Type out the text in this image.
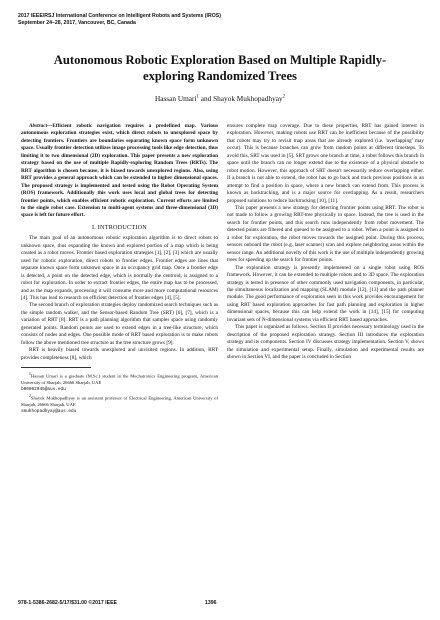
2017 IEEE/RSJ International Conference on Intelligent Robots and Systems (IROS)
September 24–28, 2017, Vancouver, BC, Canada
Autonomous Robotic Exploration Based on Multiple Rapidly-exploring Randomized Trees
Hassan Umari$^1$ and Shayok Mukhopadhyay$^2$

Abstract—Efficient robotic navigation requires a predefined map. Various autonomous exploration strategies exist, which direct robots to unexplored space by detecting frontiers. Frontiers are boundaries separating known space form unknown space. Usually frontier detection utilizes image processing tools like edge detection, thus limiting it to two dimensional (2D) exploration. This paper presents a new exploration strategy based on the use of multiple Rapidly-exploring Random Trees (RRTs). The RRT algorithm is chosen because, it is biased towards unexplored regions. Also, using RRT provides a general approach which can be extended to higher dimensional spaces. The proposed strategy is implemented and tested using the Robot Operating System (ROS) framework. Additionally this work uses local and global trees for detecting frontier points, which enables efficient robotic exploration. Current efforts are limited to the single robot case. Extension to multi-agent systems and three-dimensional (3D) space is left for future effort.

I. INTRODUCTION

The main goal of an autonomous robotic exploration algorithm is to direct robots to unknown space, thus expanding the known and explored portion of a map which is being created as a robot moves. Frontier based exploration strategies [1], [2], [3] which are usually used for robotic exploration, direct robots to frontier edges. Frontier edges are lines that separate known space form unknown space in an occupancy grid map. Once a frontier edge is detected, a point on the detected edge, which is normally the centroid, is assigned to a robot for exploration. In order to extract frontier edges, the entire map has to be processed, and as the map expands, processing it will consume more and more computational resources [4]. This has lead to research on efficient detection of frontier edges [4], [5].

The second branch of exploration strategies deploy randomized search techniques such as the simple random walker, and the Sensor-based Random Tree (SRT) [6], [7], which is a variation of RRT [8]. RRT is a path planning algorithm that samples space using randomly generated points. Random points are used to extend edges in a tree-like structure, which consists of nodes and edges. One possible mode of RRT based exploration is to make robots follow the above mentioned tree structure as the tree structure grows [9].

RRT is heavily biased towards unexplored and unvisited regions. In addition, RRT provides completeness [8], which

$^1$Hassan Umari is a graduate (M.Sc.) student in the Mechatronics Engineering program, American University of Sharjah, 26666 Sharjah, UAE
b00062945@aus.edu

$^2$Shayok Mukhopadhyay is an assistant professor of Electrical Engineering, American University of Sharjah, 26666 Sharjah, UAE
smukhopadhyay@aus.edu

ensures complete map coverage. Due to these properties, RRT has gained interest in exploration. However, making robots use RRT can be inefficient because of the possibility that robots may try to revisit map areas that are already explored (i.e. 'overlapping' may occur). This is because branches can grow from random points at different timesteps. To avoid this, SRT was used in [5]. SRT grows one branch at time, a robot follows this branch in space until the branch can no longer extend due to the existence of a physical obstacle to robot motion. However, this approach of SRT doesn't necessarily reduce overlapping either. If a branch is not able to extend, the robot has to go back and track previous positions in an attempt to find a position in space, where a new branch can extend from. This process is known as backtracking, and is a major source for overlapping. As a result, researchers proposed solutions to reduce backtracking [10], [11].

This paper presents a new strategy for detecting frontier points using RRT. The robot is not made to follow a growing RRT-tree physically in space. Instead, the tree is used in the search for frontier points, and this search runs independently from robot movement. The detected points are filtered and queued to be assigned to a robot. When a point is assigned to a robot for exploration, the robot moves towards the assigned point. During this process, sensors onboard the robot (e.g. laser scanner) scan and explore neighboring areas within the sensor range. An additional novelty of this work is the use of multiple independently growing trees for speeding up the search for frontier points.

The exploration strategy is presently implemented on a single robot using ROS framework. However, it can be extended to multiple robots and to 3D space. The exploration strategy is tested in presence of other commonly used navigation components, in particular, the simultaneous localization and mapping (SLAM) module [12], [13] and the path planner module. The good performance of exploration seen in this work provides encouragement for using RRT based exploration approaches for fast path planning and exploration in higher dimensional spaces, because this can help extend the work in [14], [15] for computing invariant sets of N-dimensional systems via efficient RRT based approaches.

This paper is organized as follows. Section II provides necessary terminology used in the description of the proposed exploration strategy. Section III introduces the exploration strategy and its components. Section IV discusses strategy implementation. Section V, shows the simulation and experimental setup. Finally, simulation and experimental results are shown in Section VI, and the paper is concluded in Section

978-1-5386-2682-5/17/$31.00 ©2017 IEEE	1396
